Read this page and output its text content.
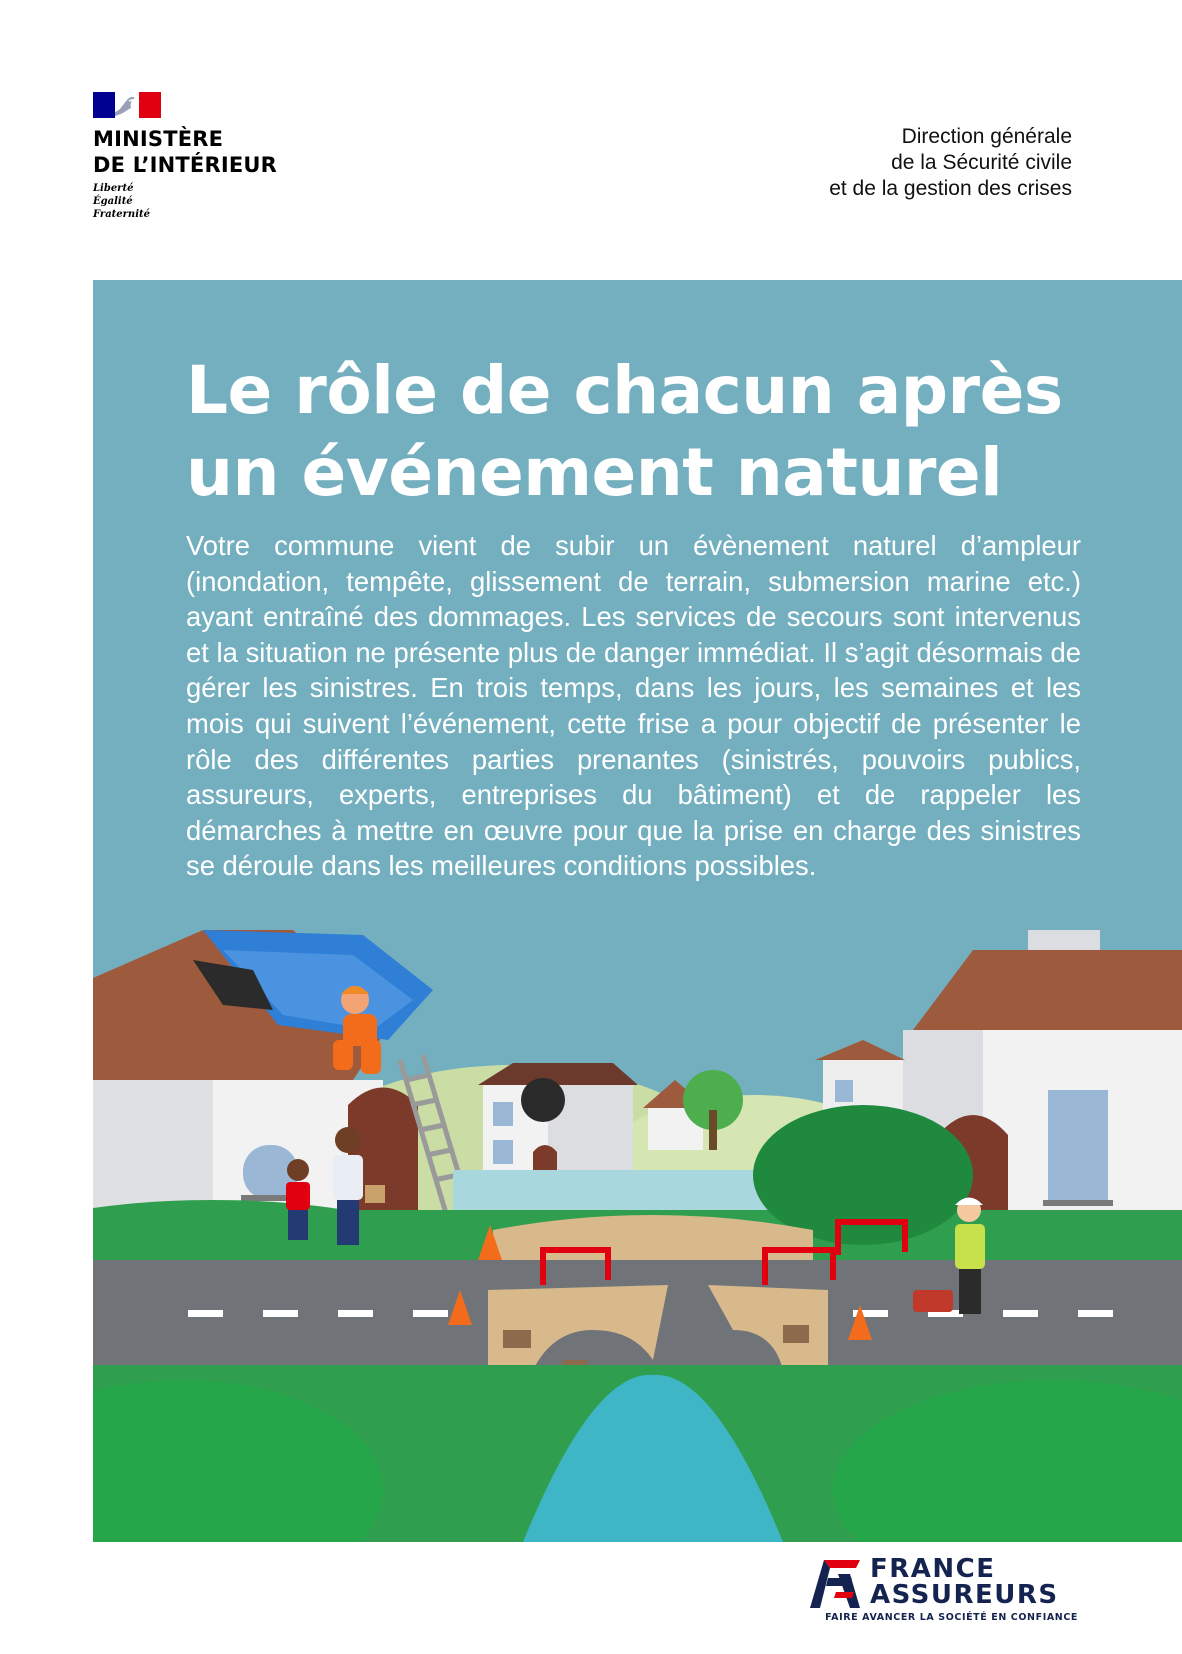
MINISTÈRE
DE L’INTÉRIEUR
Liberté
Égalité
Fraternité
Direction générale
de la Sécurité civile
et de la gestion des crises
Le rôle de chacun après
un événement naturel

Votre commune vient de subir un évènement naturel d’ampleur (inondation, tempête, glissement de terrain, submersion marine etc.) ayant entraîné des dommages. Les services de secours sont intervenus et la situation ne présente plus de danger immédiat. Il s’agit désormais de gérer les sinistres. En trois temps, dans les jours, les semaines et les mois qui suivent l’événement, cette frise a pour objectif de présenter le rôle des différentes parties prenantes (sinistrés, pouvoirs publics, assureurs, experts, entreprises du bâtiment) et de rappeler les démarches à mettre en œuvre pour que la prise en charge des sinistres se déroule dans les meilleures conditions possibles.

FRANCE
ASSUREURS
FAIRE AVANCER LA SOCIÉTÉ EN CONFIANCE
